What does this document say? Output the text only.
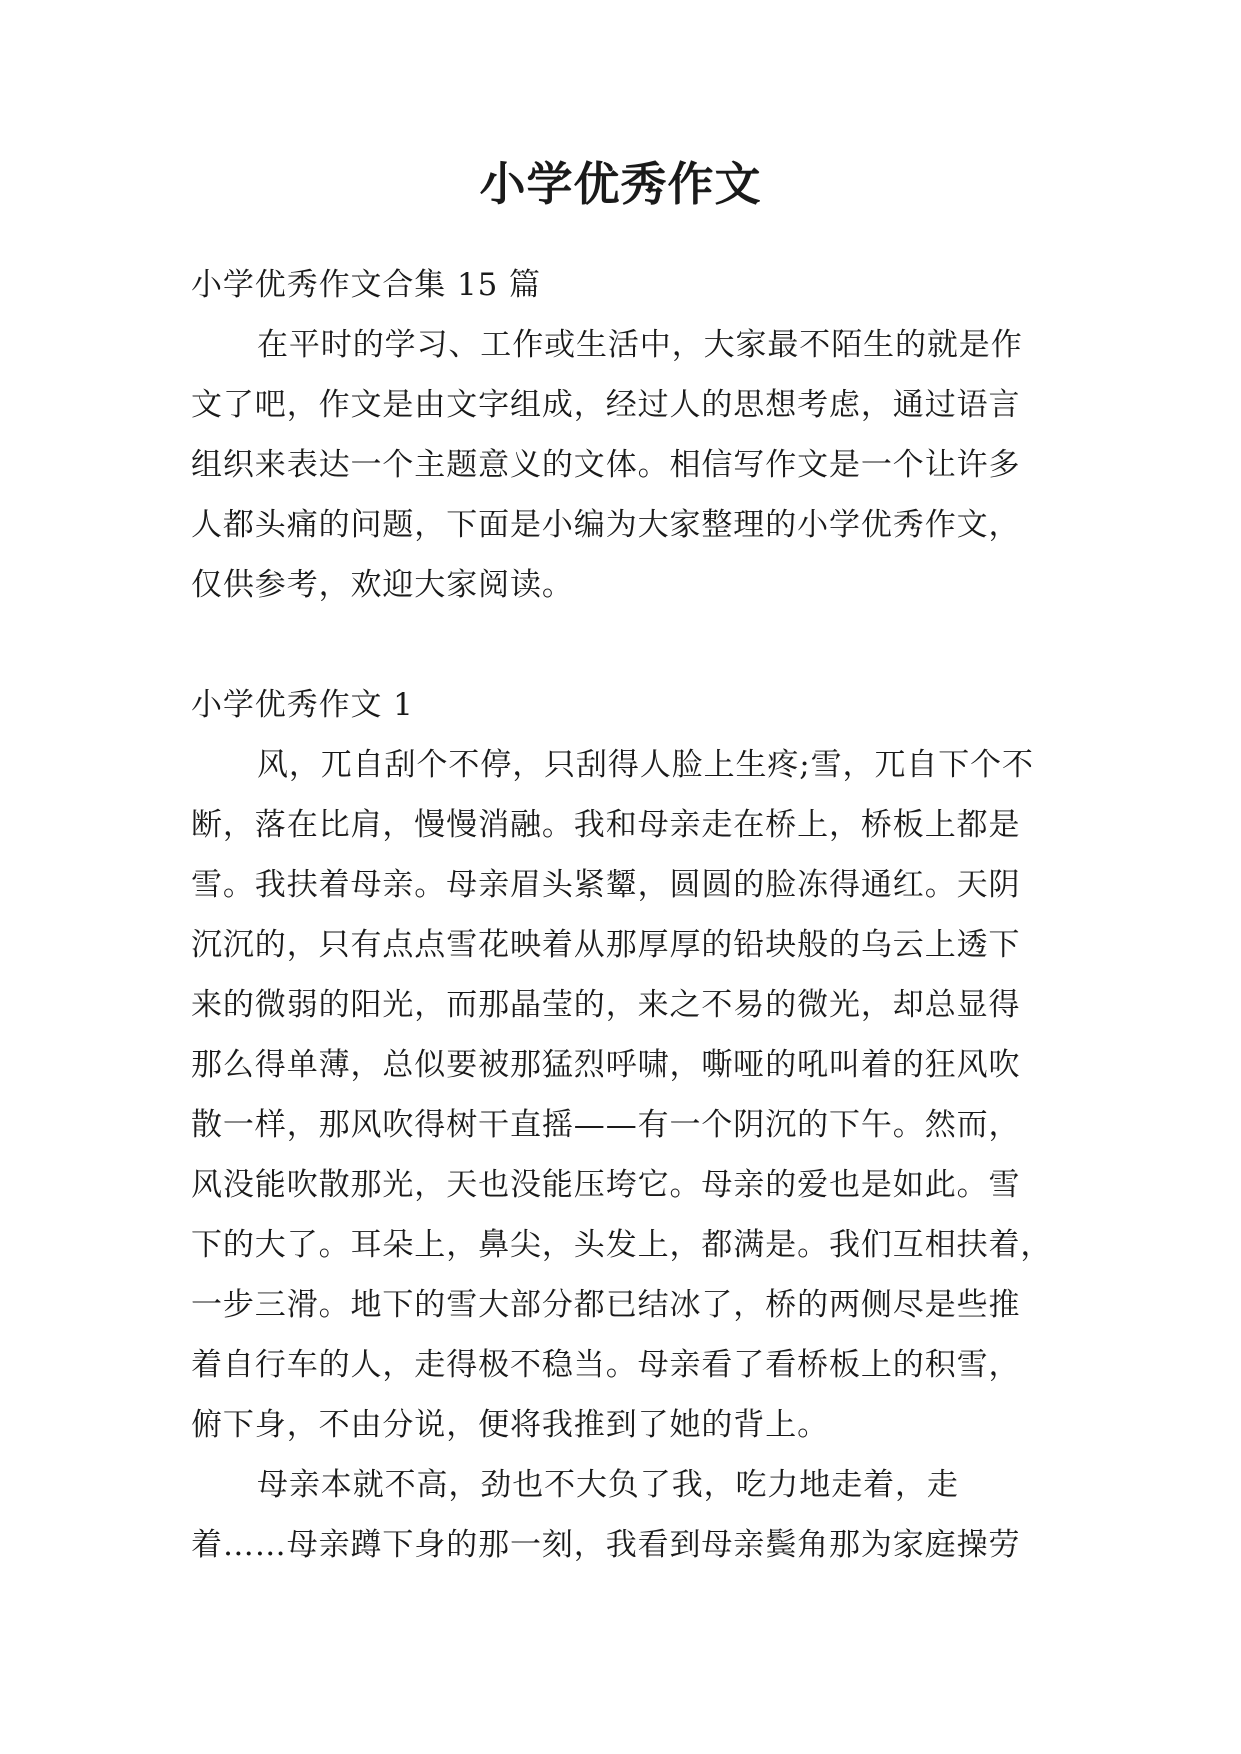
小学优秀作文
小学优秀作文合集 15 篇
在平时的学习、工作或生活中，大家最不陌生的就是作
文了吧，作文是由文字组成，经过人的思想考虑，通过语言
组织来表达一个主题意义的文体。相信写作文是一个让许多
人都头痛的问题，下面是小编为大家整理的小学优秀作文，
仅供参考，欢迎大家阅读。
小学优秀作文 1
风，兀自刮个不停，只刮得人脸上生疼;雪，兀自下个不
断，落在比肩，慢慢消融。我和母亲走在桥上，桥板上都是
雪。我扶着母亲。母亲眉头紧颦，圆圆的脸冻得通红。天阴
沉沉的，只有点点雪花映着从那厚厚的铅块般的乌云上透下
来的微弱的阳光，而那晶莹的，来之不易的微光，却总显得
那么得单薄，总似要被那猛烈呼啸，嘶哑的吼叫着的狂风吹
散一样，那风吹得树干直摇——有一个阴沉的下午。然而，
风没能吹散那光，天也没能压垮它。母亲的爱也是如此。雪
下的大了。耳朵上，鼻尖，头发上，都满是。我们互相扶着，
一步三滑。地下的雪大部分都已结冰了，桥的两侧尽是些推
着自行车的人，走得极不稳当。母亲看了看桥板上的积雪，
俯下身，不由分说，便将我推到了她的背上。
母亲本就不高，劲也不大负了我，吃力地走着，走
着……母亲蹲下身的那一刻，我看到母亲鬓角那为家庭操劳
